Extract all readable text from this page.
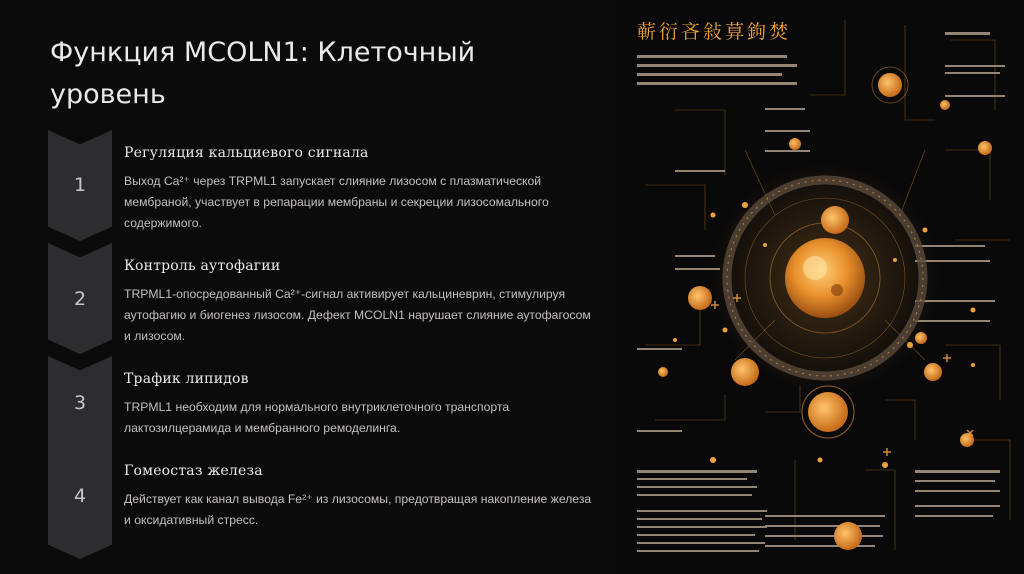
Функция MCOLN1: Клеточный уровень
1
2
3
4

Регуляция кальциевого сигнала

Выход Ca²⁺ через TRPML1 запускает слияние лизосом с плазматической мембраной, участвует в репарации мембраны и секреции лизосомального содержимого.

Контроль аутофагии

TRPML1-опосредованный Ca²⁺-сигнал активирует кальциневрин, стимулируя аутофагию и биогенез лизосом. Дефект MCOLN1 нарушает слияние аутофагосом и лизосом.

Трафик липидов

TRPML1 необходим для нормального внутриклеточного транспорта лактозилцерамида и мембранного ремоделинга.

Гомеостаз железа

Действует как канал вывода Fe²⁺ из лизосомы, предотвращая накопление железа и оксидативный стресс.

蕲衍吝敍萛鉤焚
